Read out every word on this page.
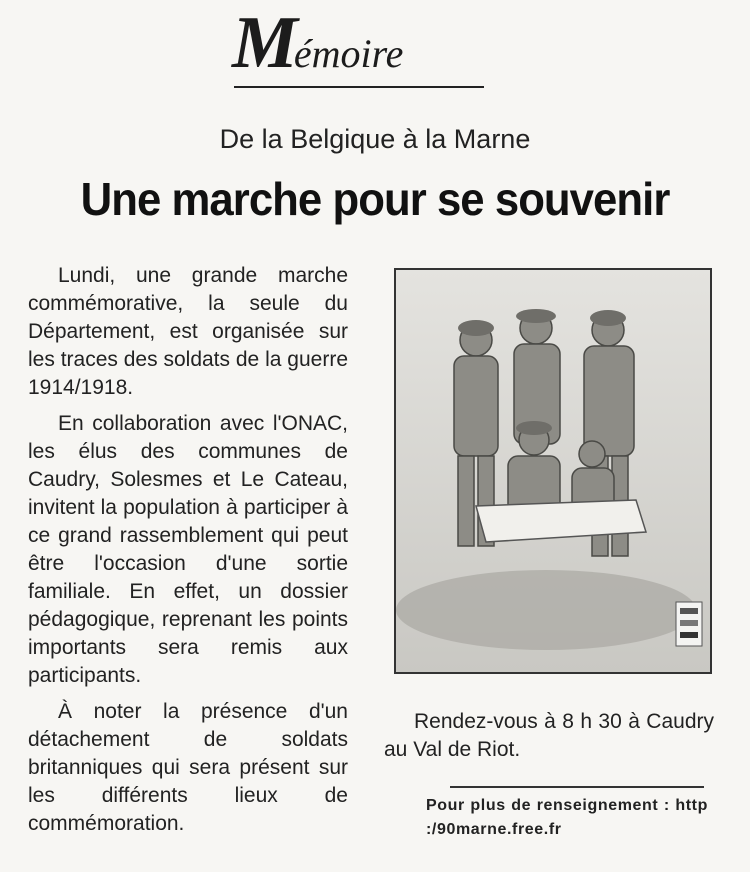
Mémoire
De la Belgique à la Marne
Une marche pour se souvenir

Lundi, une grande marche commémorative, la seule du Département, est organisée sur les traces des soldats de la guerre 1914/1918.

En collaboration avec l'ONAC, les élus des communes de Caudry, Solesmes et Le Cateau, invitent la population à participer à ce grand rassemblement qui peut être l'occasion d'une sortie familiale. En effet, un dossier pédagogique, reprenant les points importants sera remis aux participants.

À noter la présence d'un détachement de soldats britanniques qui sera présent sur les différents lieux de commémoration.

Rendez-vous à 8 h 30 à Caudry au Val de Riot.
Pour plus de renseignement : http :/90marne.free.fr
